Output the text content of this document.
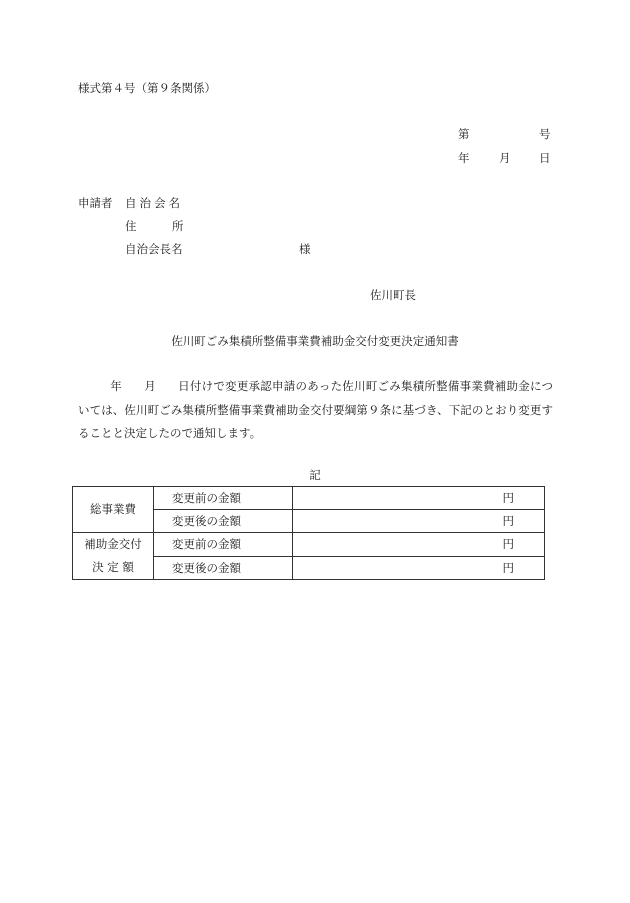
様式第４号（第９条関係）
第	号
年	月 日
申請者 自治会名
住	所
自治会長名	様
佐川町長
佐川町ごみ集積所整備事業費補助金交付変更決定通知書
年 月 日付けで変更承認申請のあった佐川町ごみ集積所整備事業費補助金については、佐川町ごみ集積所整備事業費補助金交付要綱第９条に基づき、下記のとおり変更することと決定したので通知します。
記
総事業費	変更前の金額	円
	変更後の金額	円

補助金交付
決 定 額	変更前の金額	円
	変更後の金額	円
